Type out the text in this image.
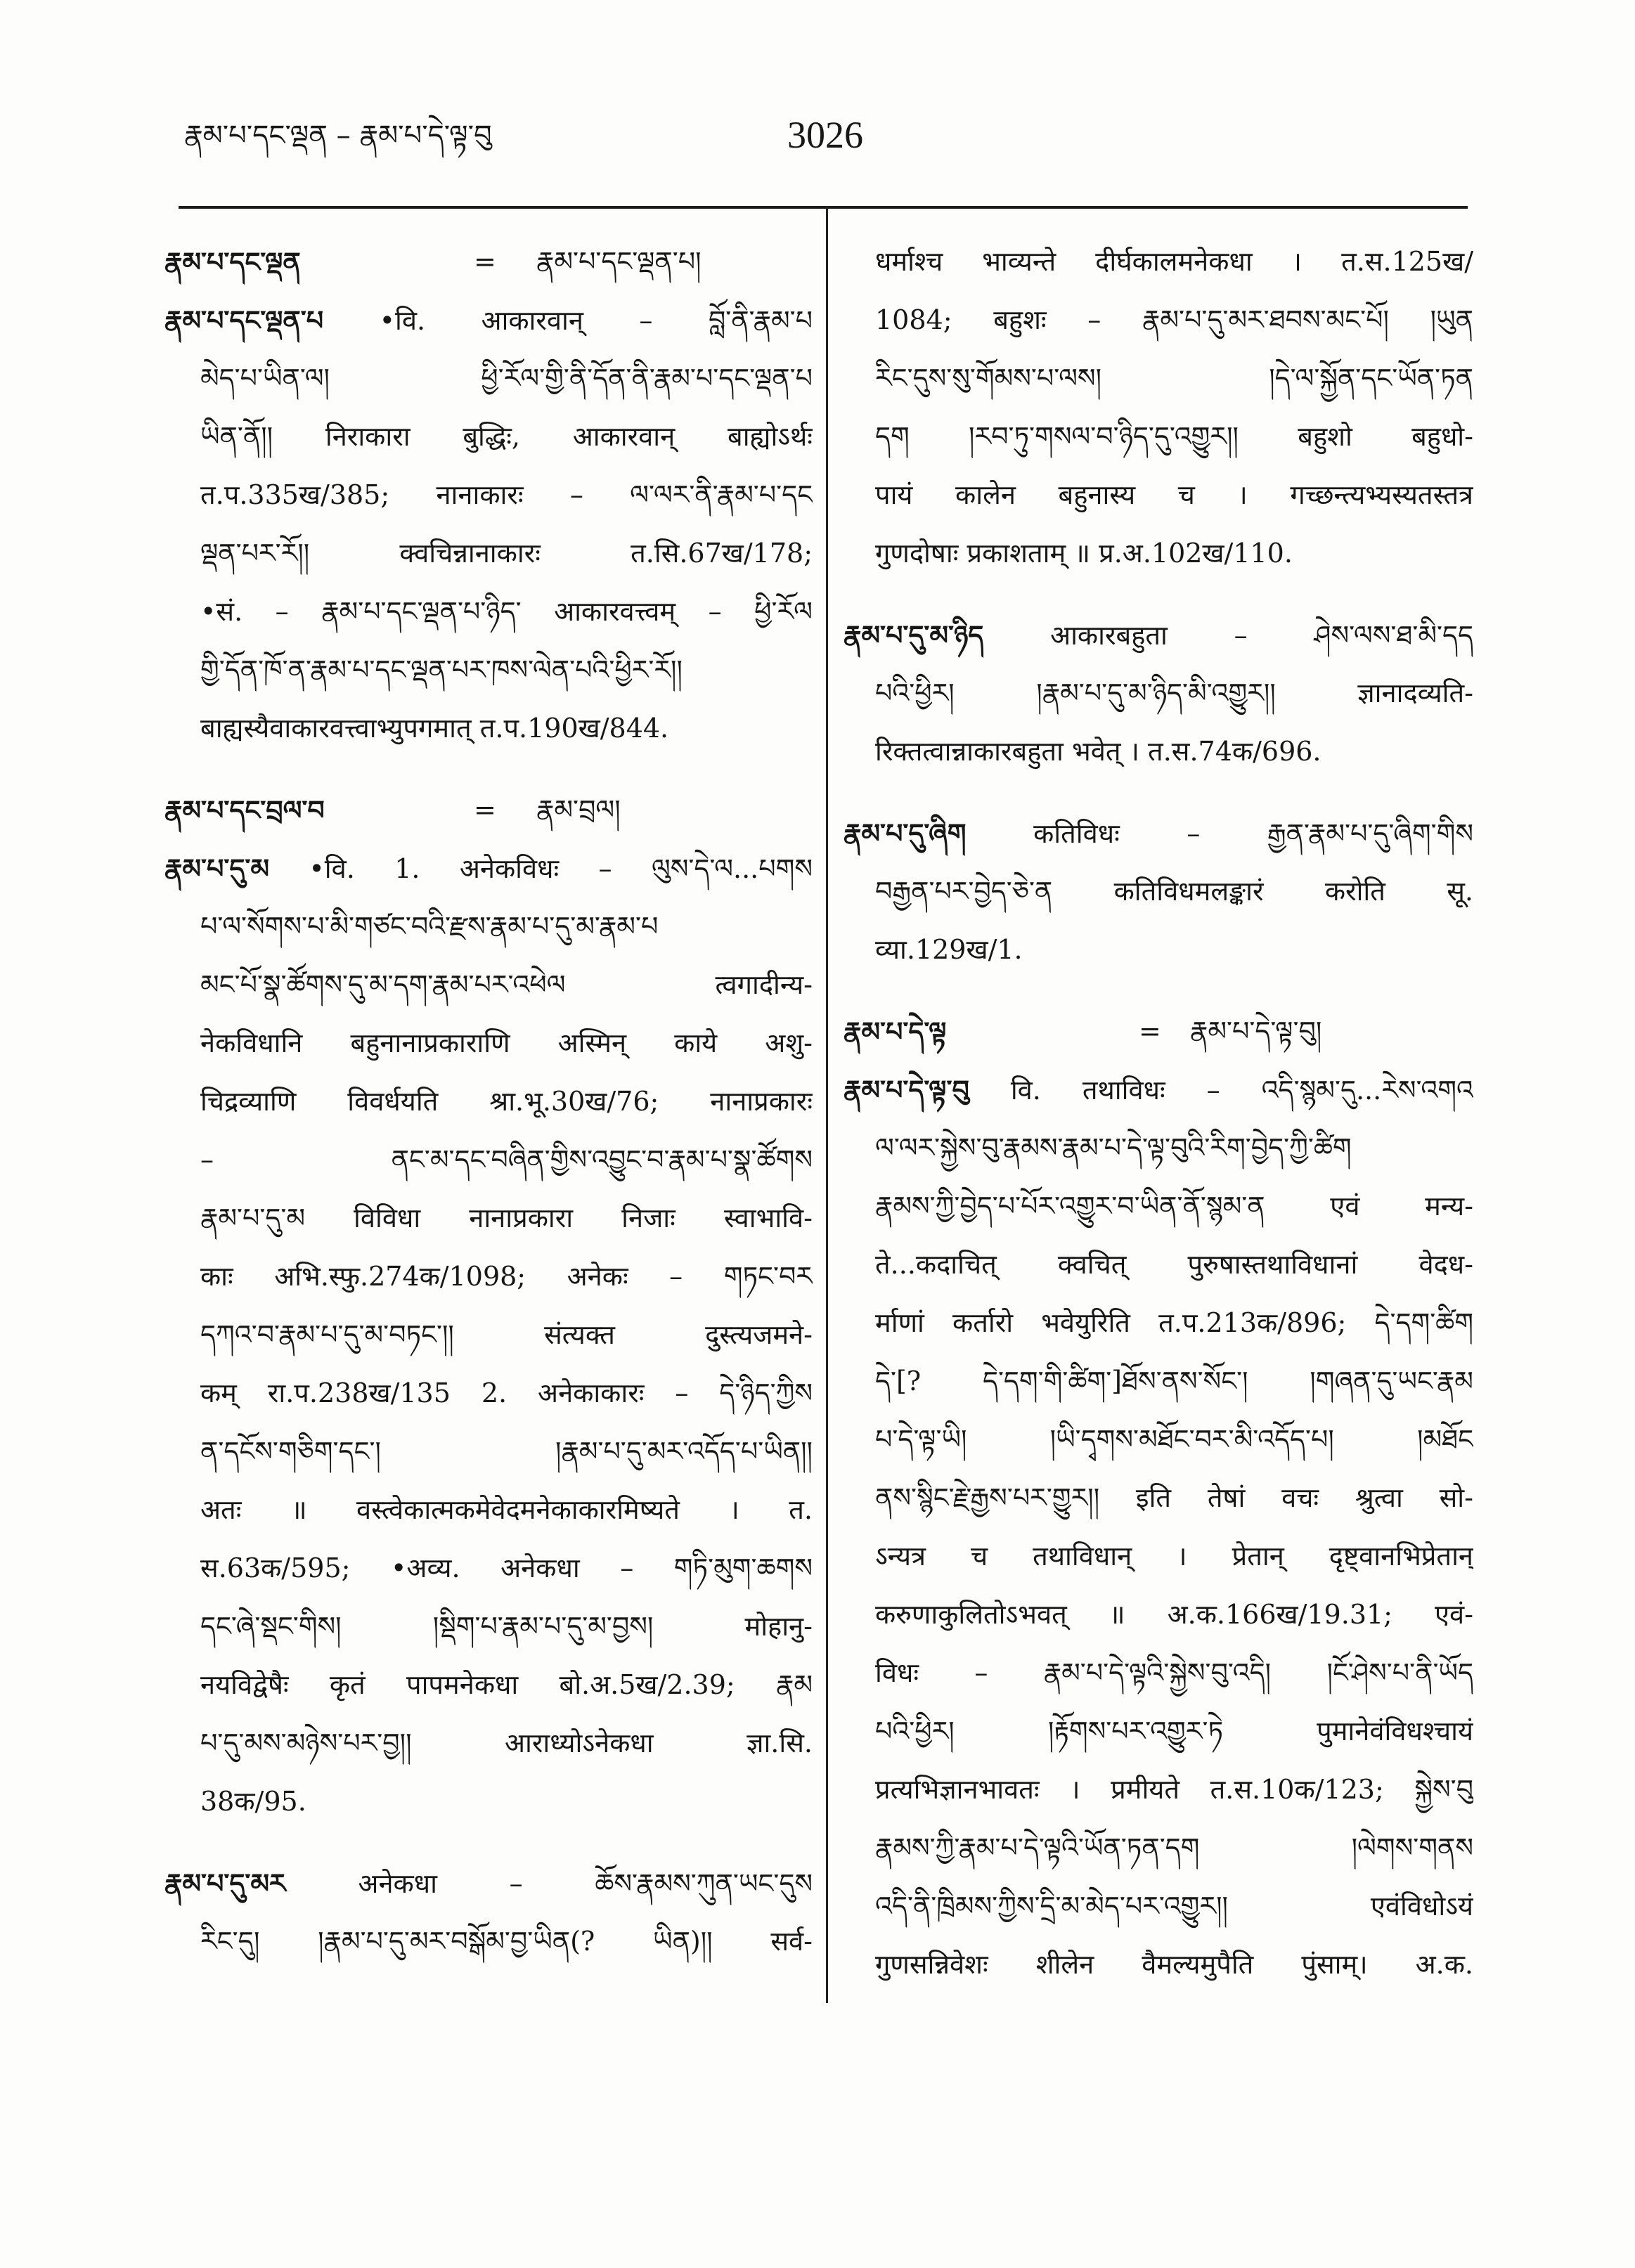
རྣམ་པ་དང་ལྡན – རྣམ་པ་དེ་ལྟ་བུ	3026
རྣམ་པ་དང་ལྡན	= རྣམ་པ་དང་ལྡན་པ།
རྣམ་པ་དང་ལྡན་པ •वि. आकारवान् – བློ་ནི་རྣམ་པ
མེད་པ་ཡིན་ལ། ཕྱི་རོལ་གྱི་ནི་དོན་ནི་རྣམ་པ་དང་ལྡན་པ
ཡིན་ནོ།། निराकारा बुद्धिः, आकारवान् बाह्योऽर्थः
त.प.335ख/385; नानाकारः – ལ་ལར་ནི་རྣམ་པ་དང
ལྡན་པར་རོ།། क्वचिन्नानाकारः त.सि.67ख/178;
•सं. – རྣམ་པ་དང་ལྡན་པ་ཉིད་ आकारवत्त्वम् – ཕྱི་རོལ
གྱི་དོན་ཁོ་ན་རྣམ་པ་དང་ལྡན་པར་ཁས་ལེན་པའི་ཕྱིར་རོ།།
बाह्यस्यैवाकारवत्त्वाभ्युपगमात् त.प.190ख/844.
རྣམ་པ་དང་བྲལ་བ	= རྣམ་བྲལ།
རྣམ་པ་དུ་མ •वि. 1. अनेकविधः – ལུས་དེ་ལ...པགས
པ་ལ་སོགས་པ་མི་གཙང་བའི་རྫས་རྣམ་པ་དུ་མ་རྣམ་པ
མང་པོ་སྣ་ཚོགས་དུ་མ་དག་རྣམ་པར་འཕེལ त्वगादीन्य-
नेकविधानि बहुनानाप्रकाराणि अस्मिन् काये अशु-
चिद्रव्याणि विवर्धयति श्रा.भू.30ख/76; नानाप्रकारः
– ནང་མ་དང་བཞིན་གྱིས་འབྱུང་བ་རྣམ་པ་སྣ་ཚོགས
རྣམ་པ་དུ་མ विविधा नानाप्रकारा निजाः स्वाभावि-
काः अभि.स्फु.274क/1098; अनेकः – གཏང་བར
དཀའ་བ་རྣམ་པ་དུ་མ་བཏང་།། संत्यक्त दुस्त्यजमने-
कम् रा.प.238ख/135 2. अनेकाकारः – དེ་ཉིད་ཀྱིས
ན་དངོས་གཅིག་དང་། །རྣམ་པ་དུ་མར་འདོད་པ་ཡིན།།
अतः ॥ वस्त्वेकात्मकमेवेदमनेकाकारमिष्यते । त.
स.63क/595; •अव्य. अनेकधा – གཏི་མུག་ཆགས
དང་ཞེ་སྡང་གིས། །སྡིག་པ་རྣམ་པ་དུ་མ་བྱས། मोहानु-
नयविद्वेषैः कृतं पापमनेकधा बो.अ.5ख/2.39; རྣམ
པ་དུ་མས་མཉེས་པར་བྱ།། आराध्योऽनेकधा ज्ञा.सि.
38क/95.
རྣམ་པ་དུ་མར	अनेकधा – ཆོས་རྣམས་ཀུན་ཡང་དུས
རིང་དུ། །རྣམ་པ་དུ་མར་བསྒོམ་བྱ་ཡིན(? ཡིན)།། सर्व-
धर्माश्च भाव्यन्ते दीर्घकालमनेकधा । त.स.125ख/
1084; बहुशः – རྣམ་པ་དུ་མར་ཐབས་མང་པོ། །ཡུན
རིང་དུས་སུ་གོམས་པ་ལས། །དེ་ལ་སྐྱོན་དང་ཡོན་ཏན
དག །རབ་ཏུ་གསལ་བ་ཉིད་དུ་འགྱུར།། बहुशो बहुधो-
पायं कालेन बहुनास्य च । गच्छन्त्यभ्यस्यतस्तत्र
गुणदोषाः प्रकाशताम् ॥ प्र.अ.102ख/110.
རྣམ་པ་དུ་མ་ཉིད आकारबहुता – ཤེས་ལས་ཐ་མི་དད
པའི་ཕྱིར། །རྣམ་པ་དུ་མ་ཉིད་མི་འགྱུར།། ज्ञानादव्यति-
रिक्तत्वान्नाकारबहुता भवेत् । त.स.74क/696.
རྣམ་པ་དུ་ཞིག	कतिविधः – རྒྱན་རྣམ་པ་དུ་ཞིག་གིས
བརྒྱན་པར་བྱེད་ཅེ་ན कतिविधमलङ्कारं करोति सू.
व्या.129ख/1.
རྣམ་པ་དེ་ལྟ	= རྣམ་པ་དེ་ལྟ་བུ།
རྣམ་པ་དེ་ལྟ་བུ वि. तथाविधः – འདི་སྙམ་དུ...རེས་འགའ
ལ་ལར་སྐྱེས་བུ་རྣམས་རྣམ་པ་དེ་ལྟ་བུའི་རིག་བྱེད་ཀྱི་ཚིག
རྣམས་ཀྱི་བྱེད་པ་པོར་འགྱུར་བ་ཡིན་ནོ་སྙམ་ན एवं मन्य-
ते...कदाचित् क्वचित् पुरुषास्तथाविधानां वेदध-
र्माणां कर्तारो भवेयुरिति त.प.213क/896; དེ་དག་ཚིག
དེ་[? དེ་དག་གི་ཚིག་]ཐོས་ནས་སོང་། །གཞན་དུ་ཡང་རྣམ
པ་དེ་ལྟ་ཡི། །ཡི་དྭགས་མཐོང་བར་མི་འདོད་པ། །མཐོང
ནས་སྙིང་རྗེ་རྒྱས་པར་གྱུར།། इति तेषां वचः श्रुत्वा सो-
ऽन्यत्र च तथाविधान् । प्रेतान् दृष्ट्वानभिप्रेतान्
करुणाकुलितोऽभवत् ॥ अ.क.166ख/19.31; एवं-
विधः – རྣམ་པ་དེ་ལྟའི་སྐྱེས་བུ་འདི། །ངོ་ཤེས་པ་ནི་ཡོད
པའི་ཕྱིར། །རྟོགས་པར་འགྱུར་ཏེ पुमानेवंविधश्चायं
प्रत्यभिज्ञानभावतः । प्रमीयते त.स.10क/123; སྐྱེས་བུ
རྣམས་ཀྱི་རྣམ་པ་དེ་ལྟའི་ཡོན་ཏན་དག །ལེགས་གནས
འདི་ནི་ཁྲིམས་ཀྱིས་དྲི་མ་མེད་པར་འགྱུར།། एवंविधोऽयं
गुणसन्निवेशः शीलेन वैमल्यमुपैति पुंसाम्। अ.क.
